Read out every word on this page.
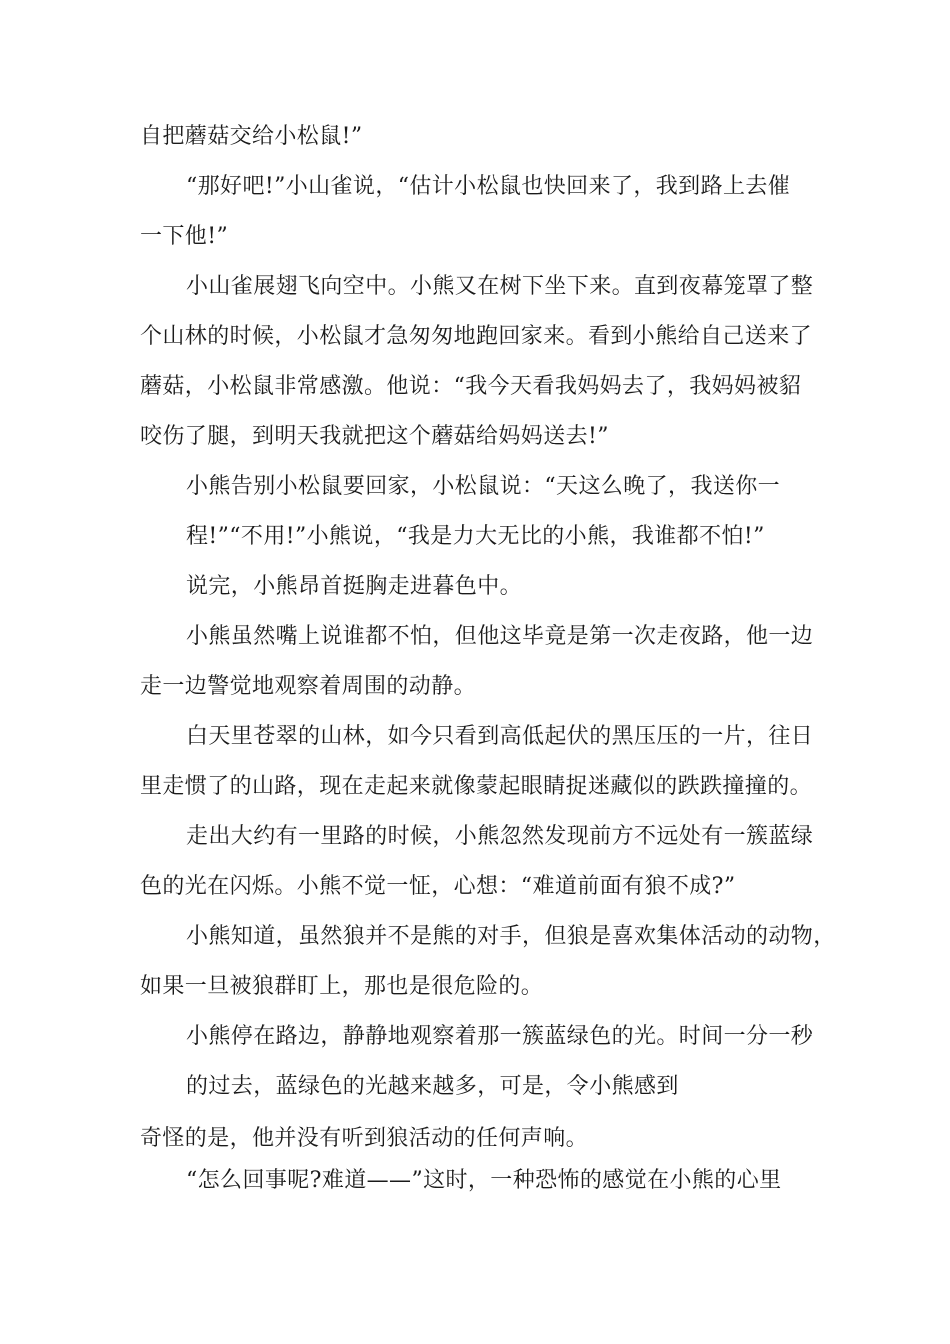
自把蘑菇交给小松鼠!”
“那好吧!”小山雀说，“估计小松鼠也快回来了，我到路上去催
一下他!”
小山雀展翅飞向空中。小熊又在树下坐下来。直到夜幕笼罩了整
个山林的时候，小松鼠才急匆匆地跑回家来。看到小熊给自己送来了
蘑菇，小松鼠非常感激。他说：“我今天看我妈妈去了，我妈妈被貂
咬伤了腿，到明天我就把这个蘑菇给妈妈送去!”
小熊告别小松鼠要回家，小松鼠说：“天这么晚了，我送你一
程!”“不用!”小熊说，“我是力大无比的小熊，我谁都不怕!”
说完，小熊昂首挺胸走进暮色中。
小熊虽然嘴上说谁都不怕，但他这毕竟是第一次走夜路，他一边
走一边警觉地观察着周围的动静。
白天里苍翠的山林，如今只看到高低起伏的黑压压的一片，往日
里走惯了的山路，现在走起来就像蒙起眼睛捉迷藏似的跌跌撞撞的。
走出大约有一里路的时候，小熊忽然发现前方不远处有一簇蓝绿
色的光在闪烁。小熊不觉一怔，心想：“难道前面有狼不成?”
小熊知道，虽然狼并不是熊的对手，但狼是喜欢集体活动的动物，
如果一旦被狼群盯上，那也是很危险的。
小熊停在路边，静静地观察着那一簇蓝绿色的光。时间一分一秒
的过去，蓝绿色的光越来越多，可是，令小熊感到
奇怪的是，他并没有听到狼活动的任何声响。
“怎么回事呢?难道——”这时，一种恐怖的感觉在小熊的心里
